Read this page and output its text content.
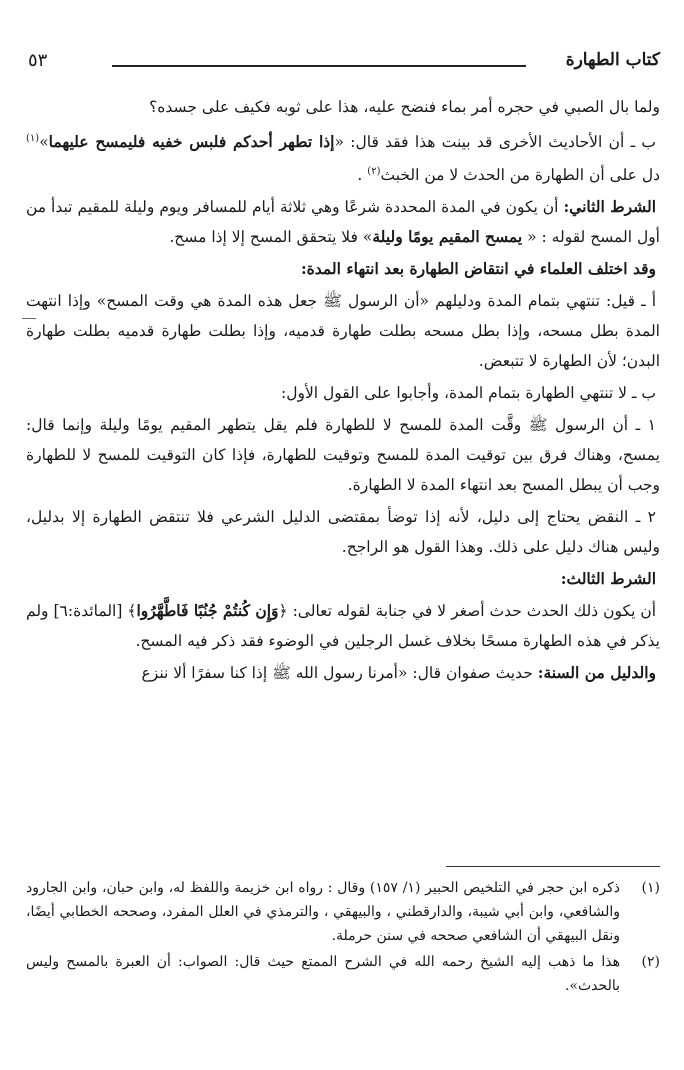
كتاب الطهارة
٥٣

ولما بال الصبي في حجره أمر بماء فنضح عليه، هذا على ثوبه فكيف على جسده؟

ب ـ أن الأحاديث الأخرى قد بينت هذا فقد قال: «إذا تطهر أحدكم فلبس خفيه فليمسح عليهما»$^{(١)}$ دل على أن الطهارة من الحدث لا من الخبث$^{(٢)}$ .

الشرط الثاني: أن يكون في المدة المحددة شرعًا وهي ثلاثة أيام للمسافر ويوم وليلة للمقيم تبدأ من أول المسح لقوله : « يمسح المقيم يومًا وليلة» فلا يتحقق المسح إلا إذا مسح.

وقد اختلف العلماء في انتقاض الطهارة بعد انتهاء المدة:

أ ـ قيل: تنتهي بتمام المدة ودليلهم «أن الرسول ﷺ جعل هذه المدة هي وقت المسح» وإذا انتهت المدة بطل مسحه، وإذا بطل مسحه بطلت طهارة قدميه، وإذا بطلت طهارة قدميه بطلت طهارة البدن؛ لأن الطهارة لا تتبعض.

ب ـ لا تنتهي الطهارة بتمام المدة، وأجابوا على القول الأول:

١ ـ أن الرسول ﷺ وقَّت المدة للمسح لا للطهارة فلم يقل يتطهر المقيم يومًا وليلة وإنما قال: يمسح، وهناك فرق بين توقيت المدة للمسح وتوقيت للطهارة، فإذا كان التوقيت للمسح لا للطهارة وجب أن يبطل المسح بعد انتهاء المدة لا الطهارة.

٢ ـ النقض يحتاج إلى دليل، لأنه إذا توضأ بمقتضى الدليل الشرعي فلا تنتقض الطهارة إلا بدليل، وليس هناك دليل على ذلك. وهذا القول هو الراجح.

الشرط الثالث:

أن يكون ذلك الحدث حدث أصغر لا في جنابة لقوله تعالى: ﴿وَإِن كُنتُمْ جُنُبًا فَاطَّهَّرُوا﴾ [المائدة:٦] ولم يذكر في هذه الطهارة مسحًا بخلاف غسل الرجلين في الوضوء فقد ذكر فيه المسح.

والدليل من السنة: حديث صفوان قال: «أمرنا رسول الله ﷺ إذا كنا سفرًا ألا ننزع

(١)
ذكره ابن حجر في التلخيص الحبير (١/ ١٥٧) وقال : رواه ابن خزيمة واللفظ له، وابن حبان، وابن الجارود والشافعي، وابن أبي شيبة، والدارقطني ، والبيهقي ، والترمذي في العلل المفرد، وصححه الخطابي أيضًا، ونقل البيهقي أن الشافعي صححه في سنن حرملة.
(٢)
هذا ما ذهب إليه الشيخ رحمه الله في الشرح الممتع حيث قال: الصواب: أن العبرة بالمسح وليس بالحدث».
